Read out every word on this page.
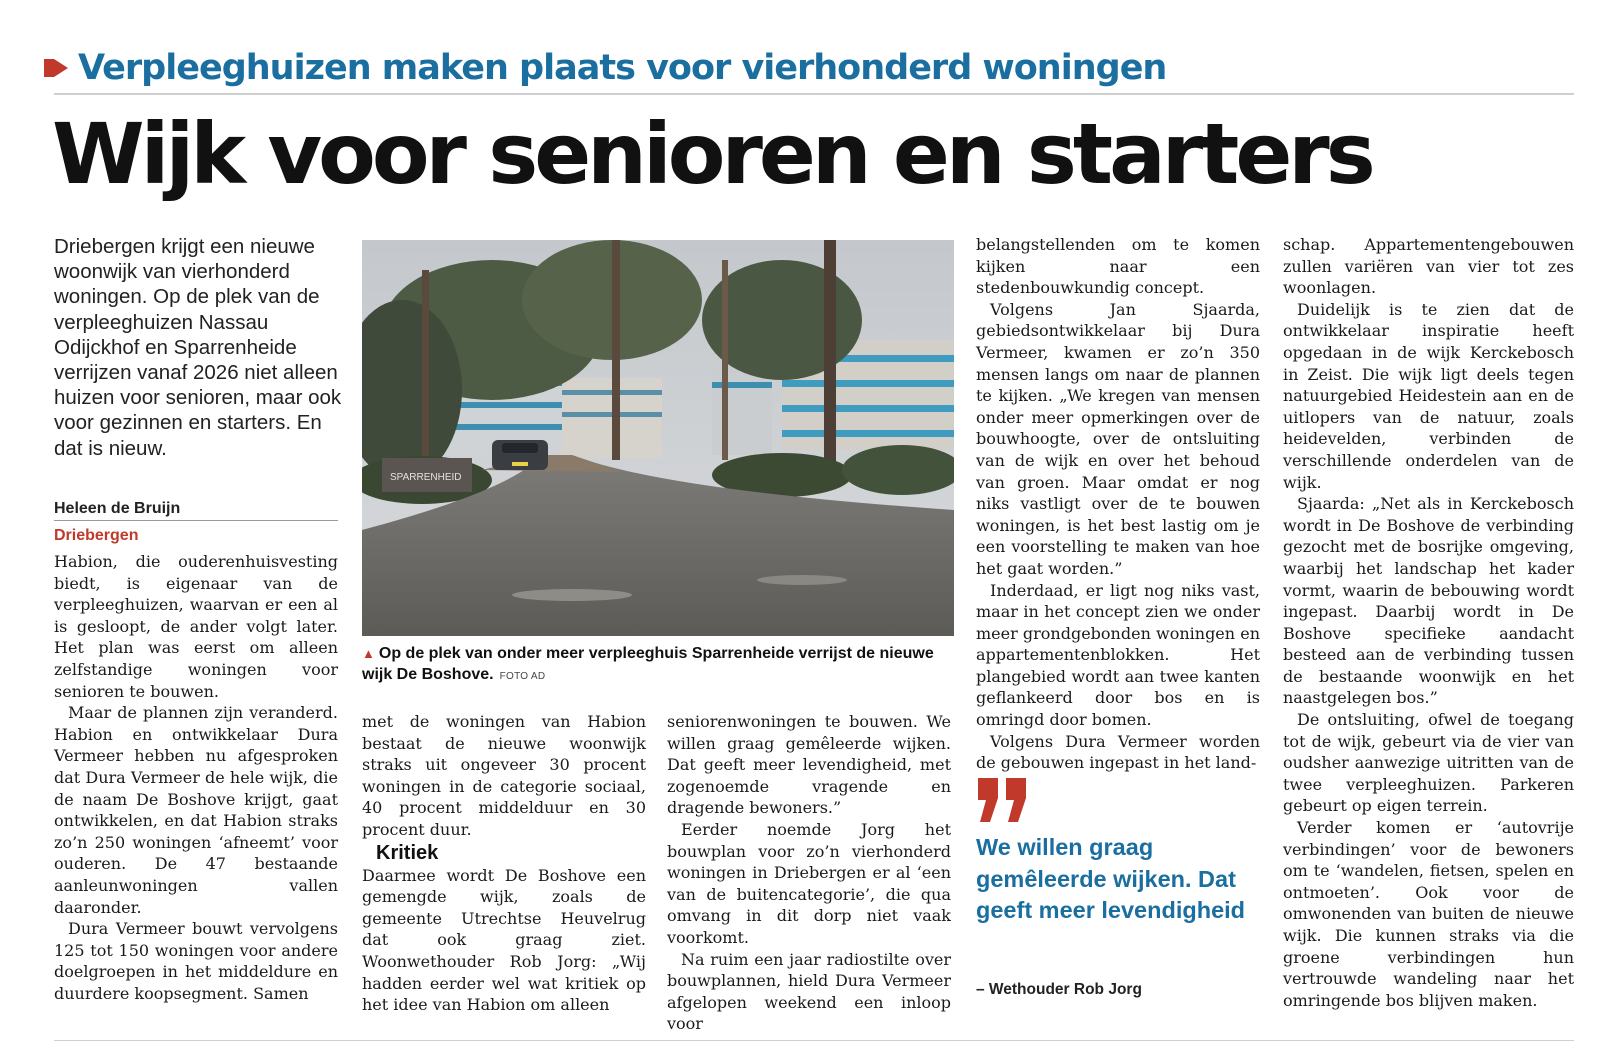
Verpleeghuizen maken plaats voor vierhonderd woningen
Wijk voor senioren en starters
Driebergen krijgt een nieuwe woonwijk van vierhonderd woningen. Op de plek van de verpleeghuizen Nassau Odijckhof en Sparrenheide verrijzen vanaf 2026 niet alleen huizen voor senioren, maar ook voor gezinnen en starters. En dat is nieuw.
Heleen de Bruijn
Driebergen

Habion, die ouderenhuisvesting biedt, is eigenaar van de verpleeghuizen, waarvan er een al is gesloopt, de ander volgt later. Het plan was eerst om alleen zelfstandige woningen voor senioren te bouwen.

Maar de plannen zijn veranderd. Habion en ontwikkelaar Dura Vermeer hebben nu afgesproken dat Dura Vermeer de hele wijk, die de naam De Boshove krijgt, gaat ontwikkelen, en dat Habion straks zo’n 250 woningen ‘afneemt’ voor ouderen. De 47 bestaande aanleunwoningen vallen daaronder.

Dura Vermeer bouwt vervolgens 125 tot 150 woningen voor andere doelgroepen in het middeldure en duurdere koopsegment. Samen

SPARRENHEID
▲ Op de plek van onder meer verpleeghuis Sparrenheide verrijst de nieuwe wijk De Boshove. FOTO AD

met de woningen van Habion bestaat de nieuwe woonwijk straks uit ongeveer 30 procent woningen in de categorie sociaal, 40 procent middelduur en 30 procent duur.

Kritiek

Daarmee wordt De Boshove een gemengde wijk, zoals de gemeente Utrechtse Heuvelrug dat ook graag ziet. Woonwethouder Rob Jorg: „Wij hadden eerder wel wat kritiek op het idee van Habion om alleen

seniorenwoningen te bouwen. We willen graag gemêleerde wijken. Dat geeft meer levendigheid, met zogenoemde vragende en dragende bewoners.”

Eerder noemde Jorg het bouwplan voor zo’n vierhonderd woningen in Driebergen er al ‘een van de buitencategorie’, die qua omvang in dit dorp niet vaak voorkomt.

Na ruim een jaar radiostilte over bouwplannen, hield Dura Vermeer afgelopen weekend een inloop voor

belangstellenden om te komen kijken naar een stedenbouwkundig concept.

Volgens Jan Sjaarda, gebiedsontwikkelaar bij Dura Vermeer, kwamen er zo’n 350 mensen langs om naar de plannen te kijken. „We kregen van mensen onder meer opmerkingen over de bouwhoogte, over de ontsluiting van de wijk en over het behoud van groen. Maar omdat er nog niks vastligt over de te bouwen woningen, is het best lastig om je een voorstelling te maken van hoe het gaat worden.”

Inderdaad, er ligt nog niks vast, maar in het concept zien we onder meer grondgebonden woningen en appartementenblokken. Het plangebied wordt aan twee kanten geflankeerd door bos en is omringd door bomen.

Volgens Dura Vermeer worden de gebouwen ingepast in het land-

We willen graag gemêleerde wijken. Dat geeft meer levendigheid
– Wethouder Rob Jorg

schap. Appartementengebouwen zullen variëren van vier tot zes woonlagen.

Duidelijk is te zien dat de ontwikkelaar inspiratie heeft opgedaan in de wijk Kerckebosch in Zeist. Die wijk ligt deels tegen natuurgebied Heidestein aan en de uitlopers van de natuur, zoals heidevelden, verbinden de verschillende onderdelen van de wijk.

Sjaarda: „Net als in Kerckebosch wordt in De Boshove de verbinding gezocht met de bosrijke omgeving, waarbij het landschap het kader vormt, waarin de bebouwing wordt ingepast. Daarbij wordt in De Boshove specifieke aandacht besteed aan de verbinding tussen de bestaande woonwijk en het naastgelegen bos.”

De ontsluiting, ofwel de toegang tot de wijk, gebeurt via de vier van oudsher aanwezige uitritten van de twee verpleeghuizen. Parkeren gebeurt op eigen terrein.

Verder komen er ‘autovrije verbindingen’ voor de bewoners om te ‘wandelen, fietsen, spelen en ontmoeten’. Ook voor de omwonenden van buiten de nieuwe wijk. Die kunnen straks via die groene verbindingen hun vertrouwde wandeling naar het omringende bos blijven maken.
